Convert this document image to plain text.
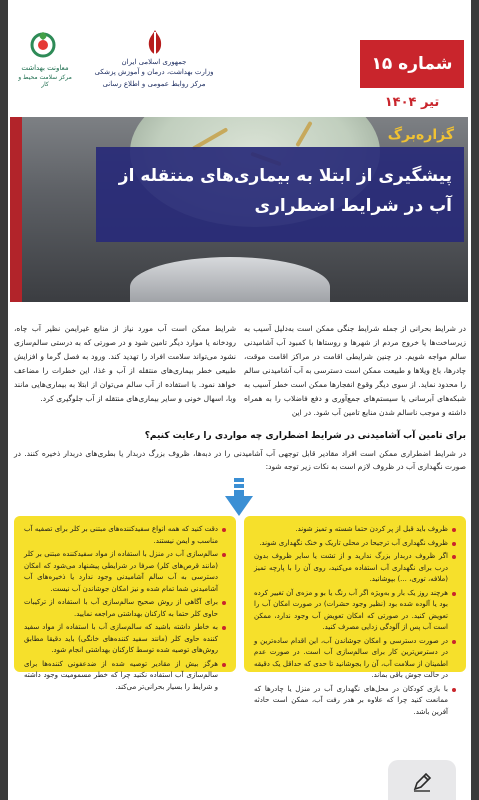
معاونت بهداشت
مرکز سلامت محیط و کار
جمهوری اسلامی ایران
وزارت بهداشت، درمان و آموزش پزشکی
مرکز روابط عمومی و اطلاع رسانی
شماره ۱۵
تیر ۱۴۰۴
گزاره‌برگ
پیشگیری از ابتلا به بیماری‌های منتقله از
آب در شرایط اضطراری
در شرایط بحرانی از جمله شرایط جنگی ممکن است به‌دلیل آسیب به زیرساخت‌ها یا خروج مردم از شهرها و روستاها با کمبود آب آشامیدنی سالم مواجه شویم. در چنین شرایطی اقامت در مراکز اقامت موقت، چادرها، باغ ویلاها و طبیعت ممکن است دسترسی به آب آشامیدنی سالم را محدود نماید. از سوی دیگر وقوع انفجارها ممکن است خطر آسیب به شبکه‌های آبرسانی یا سیستم‌های جمع‌آوری و دفع فاضلاب را به همراه داشته و موجب ناسالم شدن منابع تامین آب شود. در این
شرایط ممکن است آب مورد نیاز از منابع غیرایمن نظیر آب چاه، رودخانه یا موارد دیگر تامین شود و در صورتی که به درستی سالم‌سازی نشود می‌تواند سلامت افراد را تهدید کند. ورود به فصل گرما و افزایش طبیعی خطر بیماری‌های منتقله از آب و غذا، این خطرات را مضاعف خواهد نمود. با استفاده از آب سالم می‌توان از ابتلا به بیماری‌هایی مانند وبا، اسهال خونی و سایر بیماری‌های منتقله از آب جلوگیری کرد.
برای تامین آب آشامیدنی در شرایط اضطراری چه مواردی را رعایت کنیم؟
در شرایط اضطراری ممکن است افراد مقادیر قابل توجهی آب آشامیدنی را در دبه‌ها، ظروف بزرگ دربدار یا بطری‌های دربدار ذخیره کنند. در صورت نگهداری آب در ظروف لازم است به نکات زیر توجه شود:
ظروف باید قبل از پر کردن حتما شسته و تمیز شوند.
ظروف نگهداری آب ترجیحا در محلی تاریک و خنک نگهداری شوند.
اگر ظروف دربدار بزرگ ندارید و از تشت یا سایر ظروف بدون درب برای نگهداری آب استفاده می‌کنید، روی آن را با پارچه تمیز (ملافه، توری، ...) بپوشانید.
هرچند روز یک بار و به‌ویژه اگر آب رنگ یا بو و مزه‌ی آن تغییر کرده بود یا آلوده شده بود (نظیر وجود حشرات) در صورت امکان آب را تعویض کنید. در صورتی که امکان تعویض آب وجود ندارد، ممکن است آب پس از آلودگی زدایی مصرف کنید.
در صورت دسترسی و امکان جوشاندن آب، این اقدام ساده‌ترین و در دسترس‌ترین کار برای سالم‌سازی آب است. در صورت عدم اطمینان از سلامت آب، آن را بجوشانید تا حدی که حداقل یک دقیقه در حالت جوش باقی بماند.
با بازی کودکان در محل‌های نگهداری آب در منزل یا چادرها که ممانعت کنید چرا که علاوه بر هدر رفت آب، ممکن است حادثه آفرین باشد.
دقت کنید که همه انواع سفیدکننده‌های مبتنی بر کلر برای تصفیه آب مناسب و ایمن نیستند.
سالم‌سازی آب در منزل با استفاده از مواد سفیدکننده مبتنی بر کلر (مانند قرص‌های کلر) صرفا در شرایطی پیشنهاد می‌شود که امکان دسترسی به آب سالم آشامیدنی وجود ندارد یا ذخیره‌های آب آشامیدنی شما تمام شده و نیز امکان جوشاندن آب نیست.
برای آگاهی از روش صحیح سالم‌سازی آب با استفاده از ترکیبات حاوی کلر حتما به کارکنان بهداشتی مراجعه نمایید.
به خاطر داشته باشید که سالم‌سازی آب با استفاده از مواد سفید کننده حاوی کلر (مانند سفید کننده‌های خانگی) باید دقیقا مطابق روش‌های توصیه شده توسط کارکنان بهداشتی انجام شود.
هرگز بیش از مقادیر توصیه شده از ضدعفونی کننده‌ها برای سالم‌سازی آب استفاده نکنید چرا که خطر مسمومیت وجود داشته و شرایط را بسیار بحرانی‌تر می‌کند.
